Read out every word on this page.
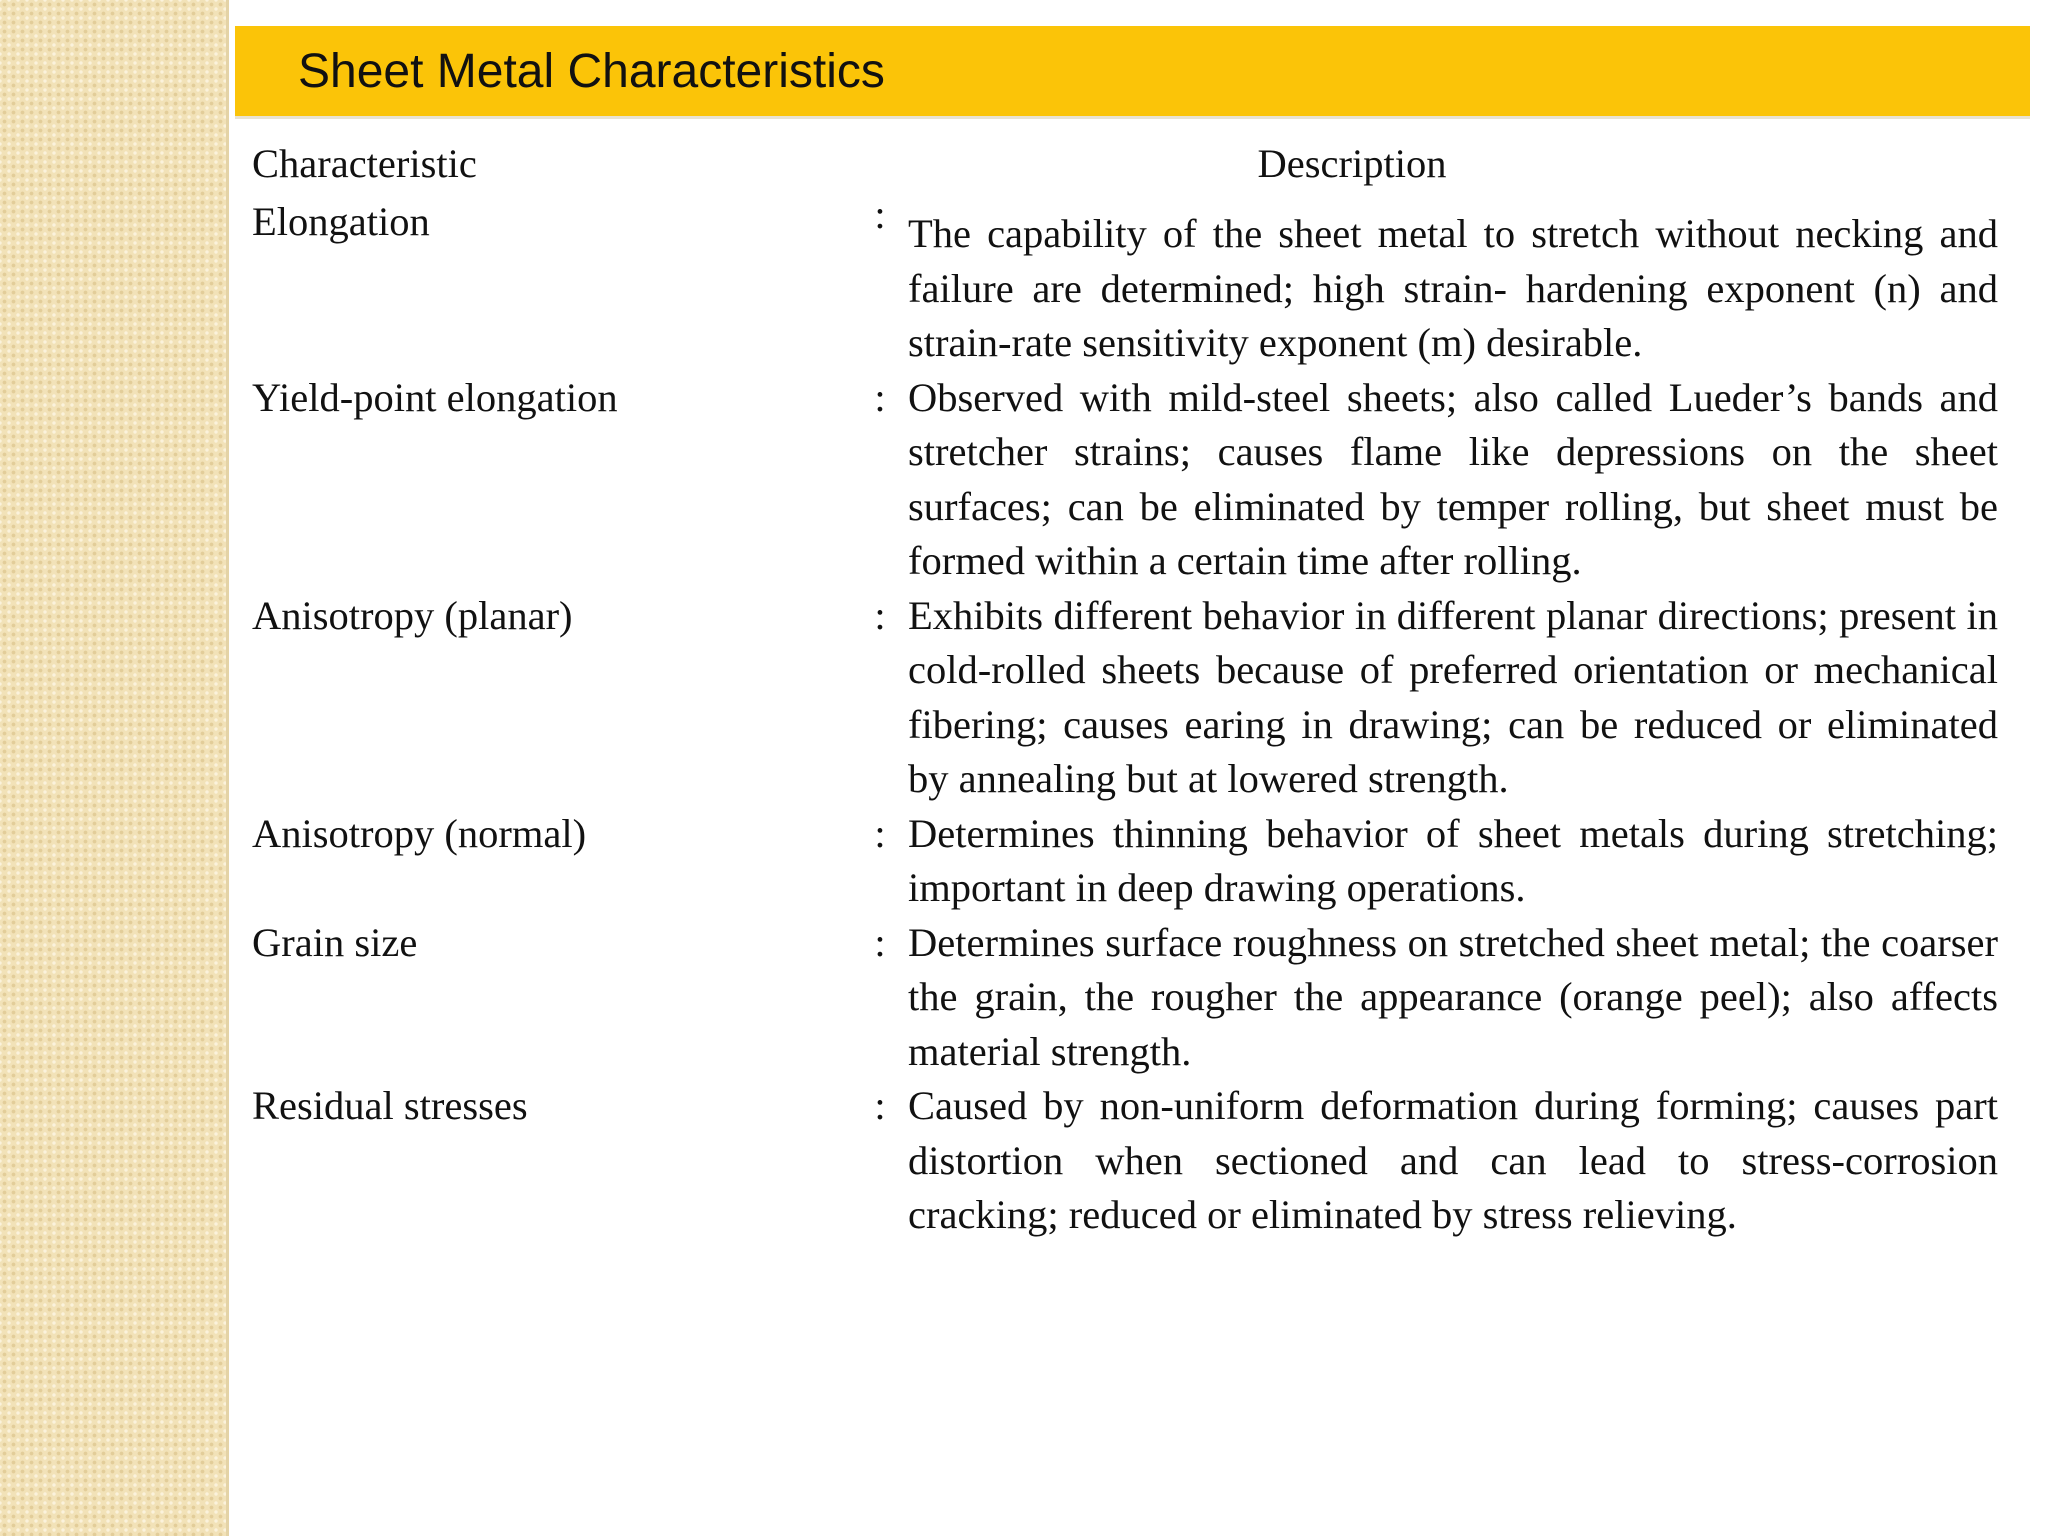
Sheet Metal Characteristics
Characteristic	Description
Elongation	: The capability of the sheet metal to stretch without necking and failure are determined; high strain- hardening exponent (n) and strain-rate sensitivity exponent (m) desirable.
Yield-point elongation	: Observed with mild-steel sheets; also called Lueder’s bands and stretcher strains; causes flame like depressions on the sheet surfaces; can be eliminated by temper rolling, but sheet must be formed within a certain time after rolling.
Anisotropy (planar)	: Exhibits different behavior in different planar directions; present in cold-rolled sheets because of preferred orientation or mechanical fibering; causes earing in drawing; can be reduced or eliminated by annealing but at lowered strength.
Anisotropy (normal)	: Determines thinning behavior of sheet metals during stretching; important in deep drawing operations.
Grain size	: Determines surface roughness on stretched sheet metal; the coarser the grain, the rougher the appearance (orange peel); also affects material strength.
Residual stresses	: Caused by non-uniform deformation during forming; causes part distortion when sectioned and can lead to stress-corrosion cracking; reduced or eliminated by stress relieving.
